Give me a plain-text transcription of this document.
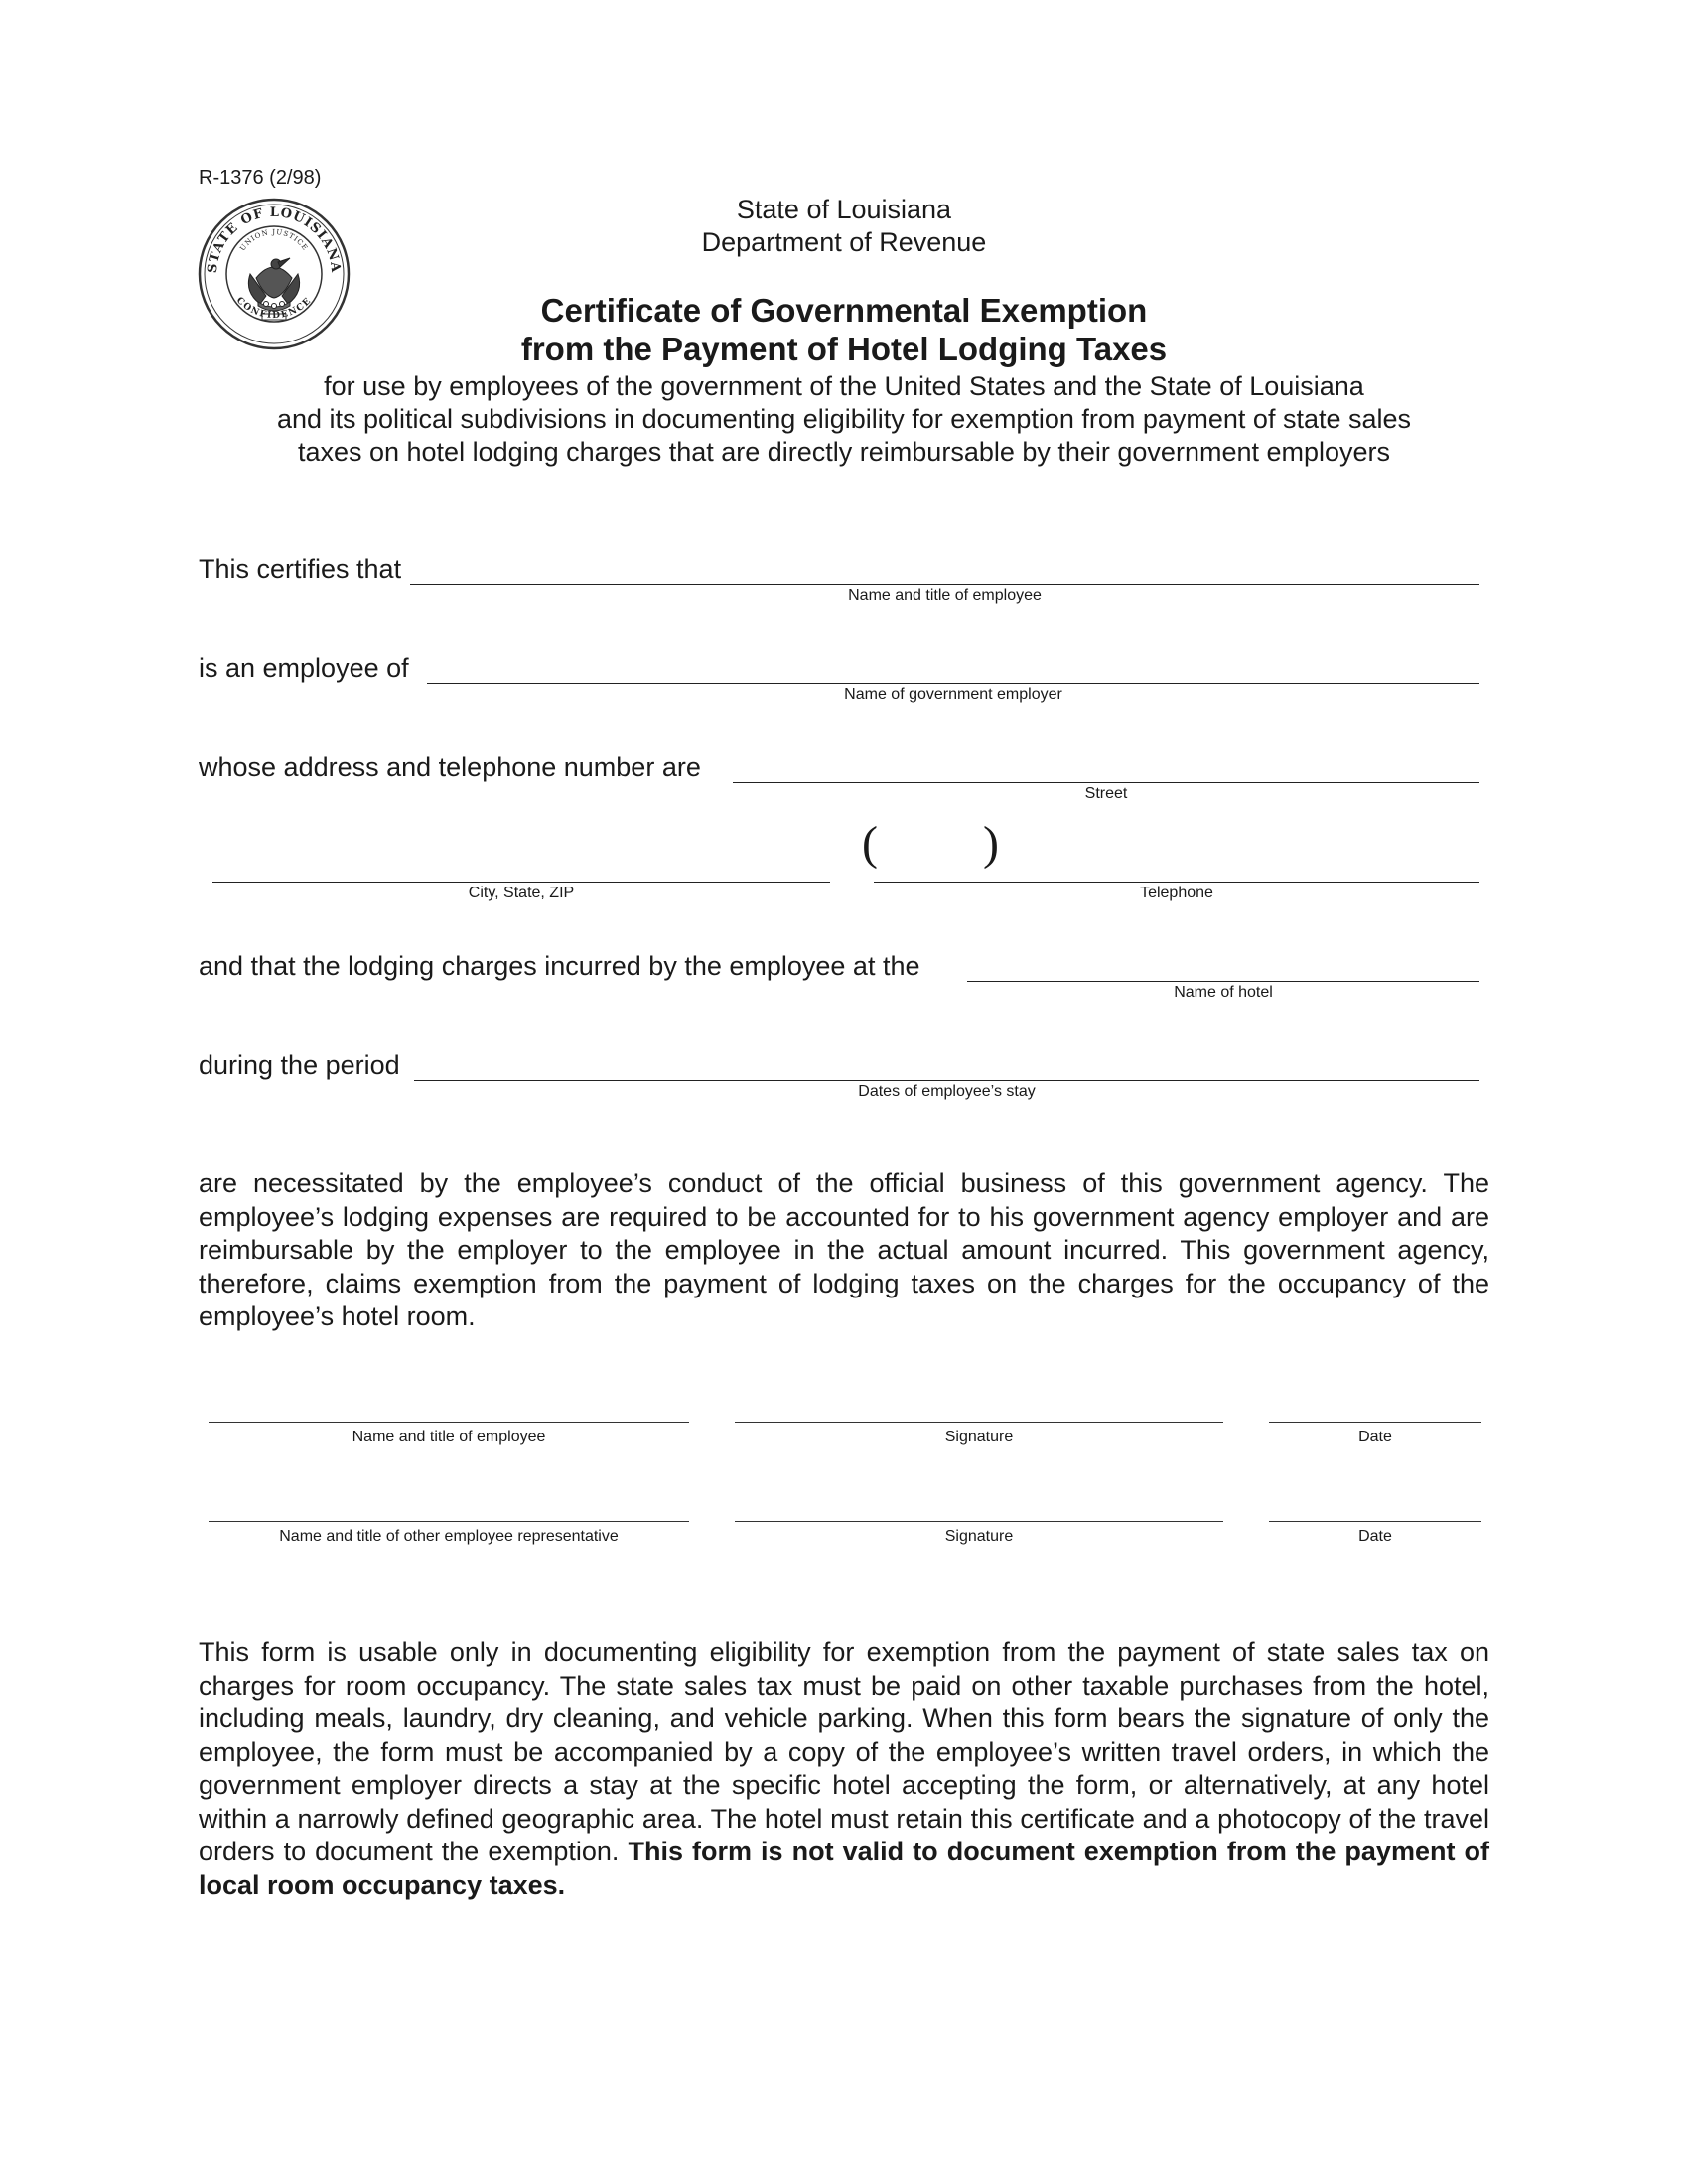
R-1376 (2/98)
STATE OF LOUISIANA
CONFIDENCE
UNION JUSTICE
State of Louisiana
Department of Revenue
Certificate of Governmental Exemption
from the Payment of Hotel Lodging Taxes
for use by employees of the government of the United States and the State of Louisiana
and its political subdivisions in documenting eligibility for exemption from payment of state sales
taxes on hotel lodging charges that are directly reimbursable by their government employers
This certifies that
Name and title of employee
is an employee of
Name of government employer
whose address and telephone number are
Street
City, State, ZIP
( )
Telephone
and that the lodging charges incurred by the employee at the
Name of hotel
during the period
Dates of employee’s stay
are necessitated by the employee’s conduct of the official business of this government agency. The employee’s lodging expenses are required to be accounted for to his government agency employer and are reimbursable by the employer to the employee in the actual amount incurred. This government agency, therefore, claims exemption from the payment of lodging taxes on the charges for the occupancy of the employee’s hotel room.
Name and title of employee	Signature	Date
Name and title of other employee representative	Signature	Date
This form is usable only in documenting eligibility for exemption from the payment of state sales tax on charges for room occupancy. The state sales tax must be paid on other taxable purchases from the hotel, including meals, laundry, dry cleaning, and vehicle parking. When this form bears the signature of only the employee, the form must be accompanied by a copy of the employee’s written travel orders, in which the government employer directs a stay at the specific hotel accepting the form, or alternatively, at any hotel within a narrowly defined geographic area. The hotel must retain this certificate and a photocopy of the travel orders to document the exemption. This form is not valid to document exemption from the payment of local room occupancy taxes.
